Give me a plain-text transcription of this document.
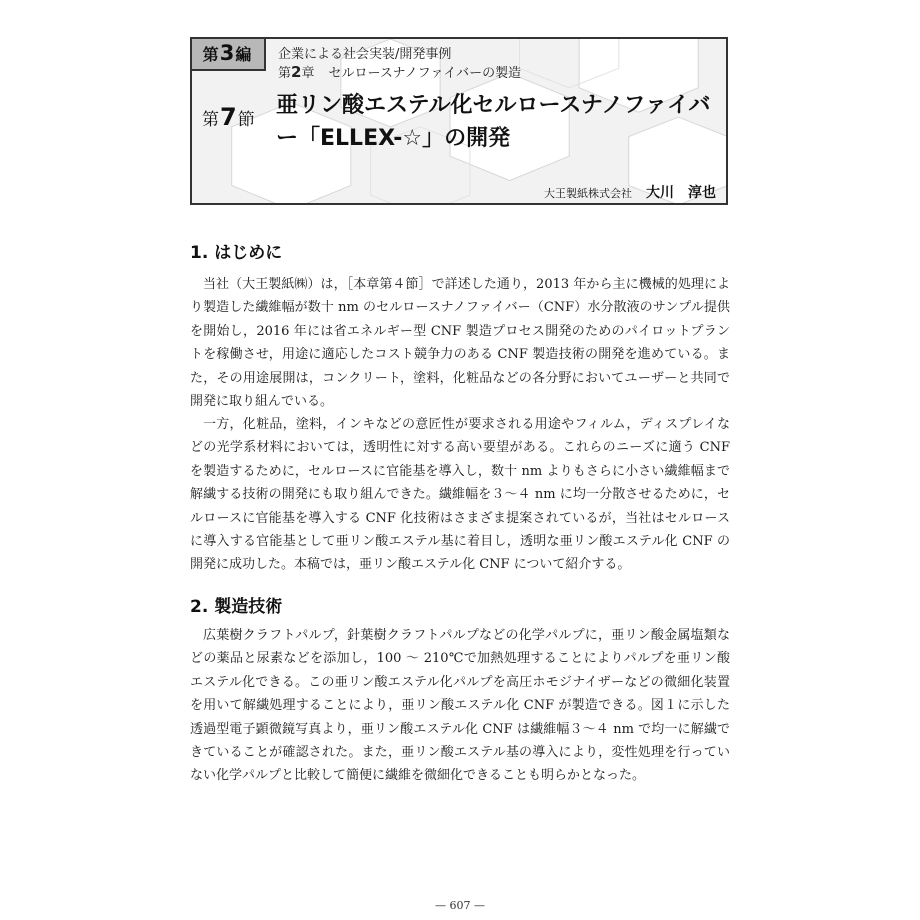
第 3 編 企業による社会実装/開発事例
第2章 セルロースナノファイバーの製造
第7節
亜リン酸エステル化セルロースナノファイバー「ELLEX-☆」の開発
大王製紙株式会社 大川　淳也
1. はじめに

当社（大王製紙㈱）は，［本章第４節］で詳述した通り，2013 年から主に機械的処理により製造した繊維幅が数十 nm のセルロースナノファイバー（CNF）水分散液のサンプル提供を開始し，2016 年には省エネルギー型 CNF 製造プロセス開発のためのパイロットプラントを稼働させ，用途に適応したコスト競争力のある CNF 製造技術の開発を進めている。また，その用途展開は，コンクリート，塗料，化粧品などの各分野においてユーザーと共同で開発に取り組んでいる。

一方，化粧品，塗料，インキなどの意匠性が要求される用途やフィルム，ディスプレイなどの光学系材料においては，透明性に対する高い要望がある。これらのニーズに適う CNF を製造するために，セルロースに官能基を導入し，数十 nm よりもさらに小さい繊維幅まで解繊する技術の開発にも取り組んできた。繊維幅を３～４ nm に均一分散させるために，セルロースに官能基を導入する CNF 化技術はさまざま提案されているが，当社はセルロースに導入する官能基として亜リン酸エステル基に着目し，透明な亜リン酸エステル化 CNF の開発に成功した。本稿では，亜リン酸エステル化 CNF について紹介する。

2. 製造技術

広葉樹クラフトパルプ，針葉樹クラフトパルプなどの化学パルプに，亜リン酸金属塩類などの薬品と尿素などを添加し，100 ～ 210℃で加熱処理することによりパルプを亜リン酸エステル化できる。この亜リン酸エステル化パルプを高圧ホモジナイザーなどの微細化装置を用いて解繊処理することにより，亜リン酸エステル化 CNF が製造できる。図１に示した透過型電子顕微鏡写真より，亜リン酸エステル化 CNF は繊維幅３～４ nm で均一に解繊できていることが確認された。また，亜リン酸エステル基の導入により，変性処理を行っていない化学パルプと比較して簡便に繊維を微細化できることも明らかとなった。

— 607 —
